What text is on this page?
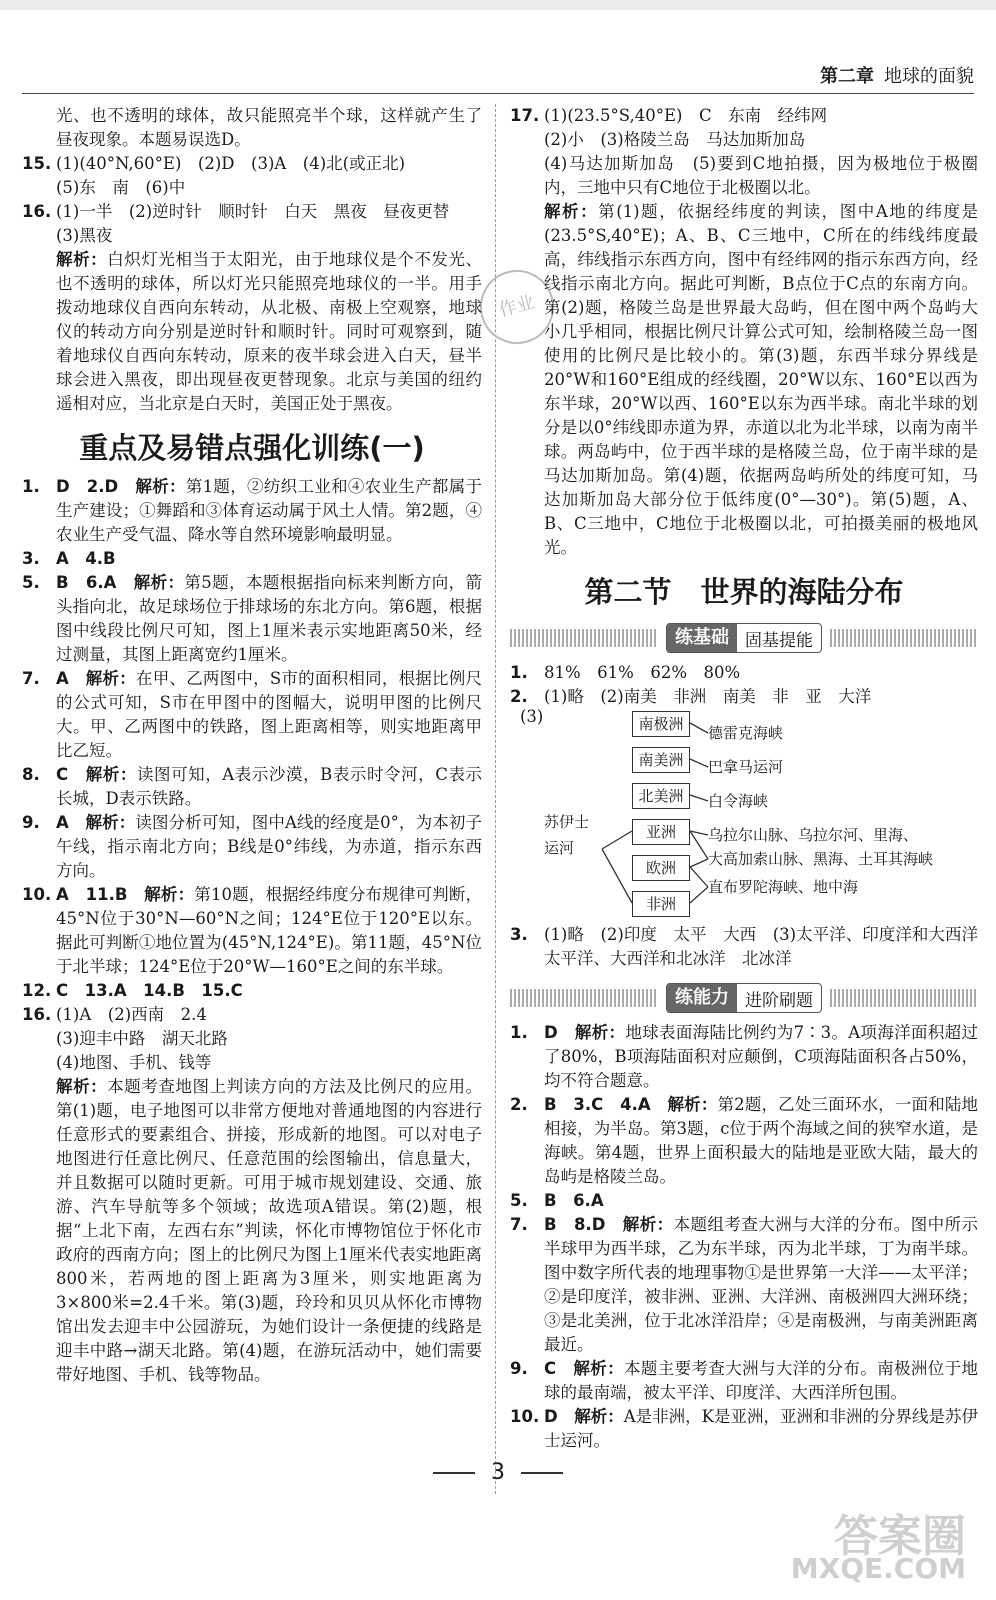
第二章 地球的面貌
作业

光、也不透明的球体，故只能照亮半个球，这样就产生了昼夜现象。本题易误选D。

15. (1)(40°N,60°E)　(2)D　(3)A　(4)北(或正北)

(5)东　南　(6)中

16. (1)一半　(2)逆时针　顺时针　白天　黑夜　昼夜更替　(3)黑夜

解析：白炽灯光相当于太阳光，由于地球仪是个不发光、也不透明的球体，所以灯光只能照亮地球仪的一半。用手拨动地球仪自西向东转动，从北极、南极上空观察，地球仪的转动方向分别是逆时针和顺时针。同时可观察到，随着地球仪自西向东转动，原来的夜半球会进入白天，昼半球会进入黑夜，即出现昼夜更替现象。北京与美国的纽约遥相对应，当北京是白天时，美国正处于黑夜。

重点及易错点强化训练(一)
1. D　2.D　 解析：第1题，②纺织工业和④农业生产都属于生产建设；①舞蹈和③体育运动属于风土人情。第2题，④农业生产受气温、降水等自然环境影响最明显。
3. A　4.B
5. B　6.A　 解析：第5题，本题根据指向标来判断方向，箭头指向北，故足球场位于排球场的东北方向。第6题，根据图中线段比例尺可知，图上1厘米表示实地距离50米，经过测量，其图上距离宽约1厘米。
7. A　 解析：在甲、乙两图中，S市的面积相同，根据比例尺的公式可知，S市在甲图中的图幅大，说明甲图的比例尺大。甲、乙两图中的铁路，图上距离相等，则实地距离甲比乙短。
8. C　 解析：读图可知，A表示沙漠，B表示时令河，C表示长城，D表示铁路。
9. A　 解析：读图分析可知，图中A线的经度是0°，为本初子午线，指示南北方向；B线是0°纬线，为赤道，指示东西方向。
10. A　11.B　 解析：第10题，根据经纬度分布规律可判断，45°N位于30°N—60°N之间；124°E位于120°E以东。据此可判断①地位置为(45°N,124°E)。第11题，45°N位于北半球；124°E位于20°W—160°E之间的东半球。
12. C　13.A　14.B　15.C
16. (1)A　(2)西南　2.4

(3)迎丰中路　湖天北路

(4)地图、手机、钱等

解析：本题考查地图上判读方向的方法及比例尺的应用。第(1)题，电子地图可以非常方便地对普通地图的内容进行任意形式的要素组合、拼接，形成新的地图。可以对电子地图进行任意比例尺、任意范围的绘图输出，信息量大，并且数据可以随时更新。可用于城市规划建设、交通、旅游、汽车导航等多个领域；故选项A错误。第(2)题，根据“上北下南，左西右东”判读，怀化市博物馆位于怀化市政府的西南方向；图上的比例尺为图上1厘米代表实地距离800米，若两地的图上距离为3厘米，则实地距离为3×800米=2.4千米。第(3)题，玲玲和贝贝从怀化市博物馆出发去迎丰中公园游玩，为她们设计一条便捷的线路是迎丰中路→湖天北路。第(4)题，在游玩活动中，她们需要带好地图、手机、钱等物品。

17. (1)(23.5°S,40°E)　C　东南　经纬网

(2)小　(3)格陵兰岛　马达加斯加岛

(4)马达加斯加岛　(5)要到C地拍摄，因为极地位于极圈内，三地中只有C地位于北极圈以北。

解析：第(1)题，依据经纬度的判读，图中A地的纬度是(23.5°S,40°E)；A、B、C三地中，C所在的纬线纬度最高，纬线指示东西方向，图中有经纬网的指示东西方向，经线指示南北方向。据此可判断，B点位于C点的东南方向。第(2)题，格陵兰岛是世界最大岛屿，但在图中两个岛屿大小几乎相同，根据比例尺计算公式可知，绘制格陵兰岛一图使用的比例尺是比较小的。第(3)题，东西半球分界线是20°W和160°E组成的经线圈，20°W以东、160°E以西为东半球，20°W以西、160°E以东为西半球。南北半球的划分是以0°纬线即赤道为界，赤道以北为北半球，以南为南半球。两岛屿中，位于西半球的是格陵兰岛，位于南半球的是马达加斯加岛。第(4)题，依据两岛屿所处的纬度可知，马达加斯加岛大部分位于低纬度(0°—30°)。第(5)题，A、B、C三地中，C地位于北极圈以北，可拍摄美丽的极地风光。

第二节　世界的海陆分布
练基础 固基提能
1. 81%　61%　62%　80%
2. (1)略　(2)南美　非洲　南美　非　亚　大洋
(3)	南极洲
南美洲
北美洲
亚洲
欧洲
非洲
德雷克海峡
巴拿马运河
白令海峡
乌拉尔山脉、乌拉尔河、里海、
大高加索山脉、黑海、土耳其海峡
直布罗陀海峡、地中海
苏伊士
运河
3. (1)略　(2)印度　太平　大西　(3)太平洋、印度洋和大西洋　太平洋、大西洋和北冰洋　北冰洋
练能力 进阶刷题
1. D　 解析：地球表面海陆比例约为7∶3。A项海洋面积超过了80%，B项海陆面积对应颠倒，C项海陆面积各占50%，均不符合题意。
2. B　3.C　4.A　 解析：第2题，乙处三面环水，一面和陆地相接，为半岛。第3题，c位于两个海域之间的狭窄水道，是海峡。第4题，世界上面积最大的陆地是亚欧大陆，最大的岛屿是格陵兰岛。
5. B　6.A
7. B　8.D　 解析：本题组考查大洲与大洋的分布。图中所示半球甲为西半球，乙为东半球，丙为北半球，丁为南半球。图中数字所代表的地理事物①是世界第一大洋——太平洋；②是印度洋，被非洲、亚洲、大洋洲、南极洲四大洲环绕；③是北美洲，位于北冰洋沿岸；④是南极洲，与南美洲距离最近。
9. C　 解析：本题主要考查大洲与大洋的分布。南极洲位于地球的最南端，被太平洋、印度洋、大西洋所包围。
10. D　 解析：A是非洲，K是亚洲，亚洲和非洲的分界线是苏伊士运河。
3
答案圈
MXQE.COM
